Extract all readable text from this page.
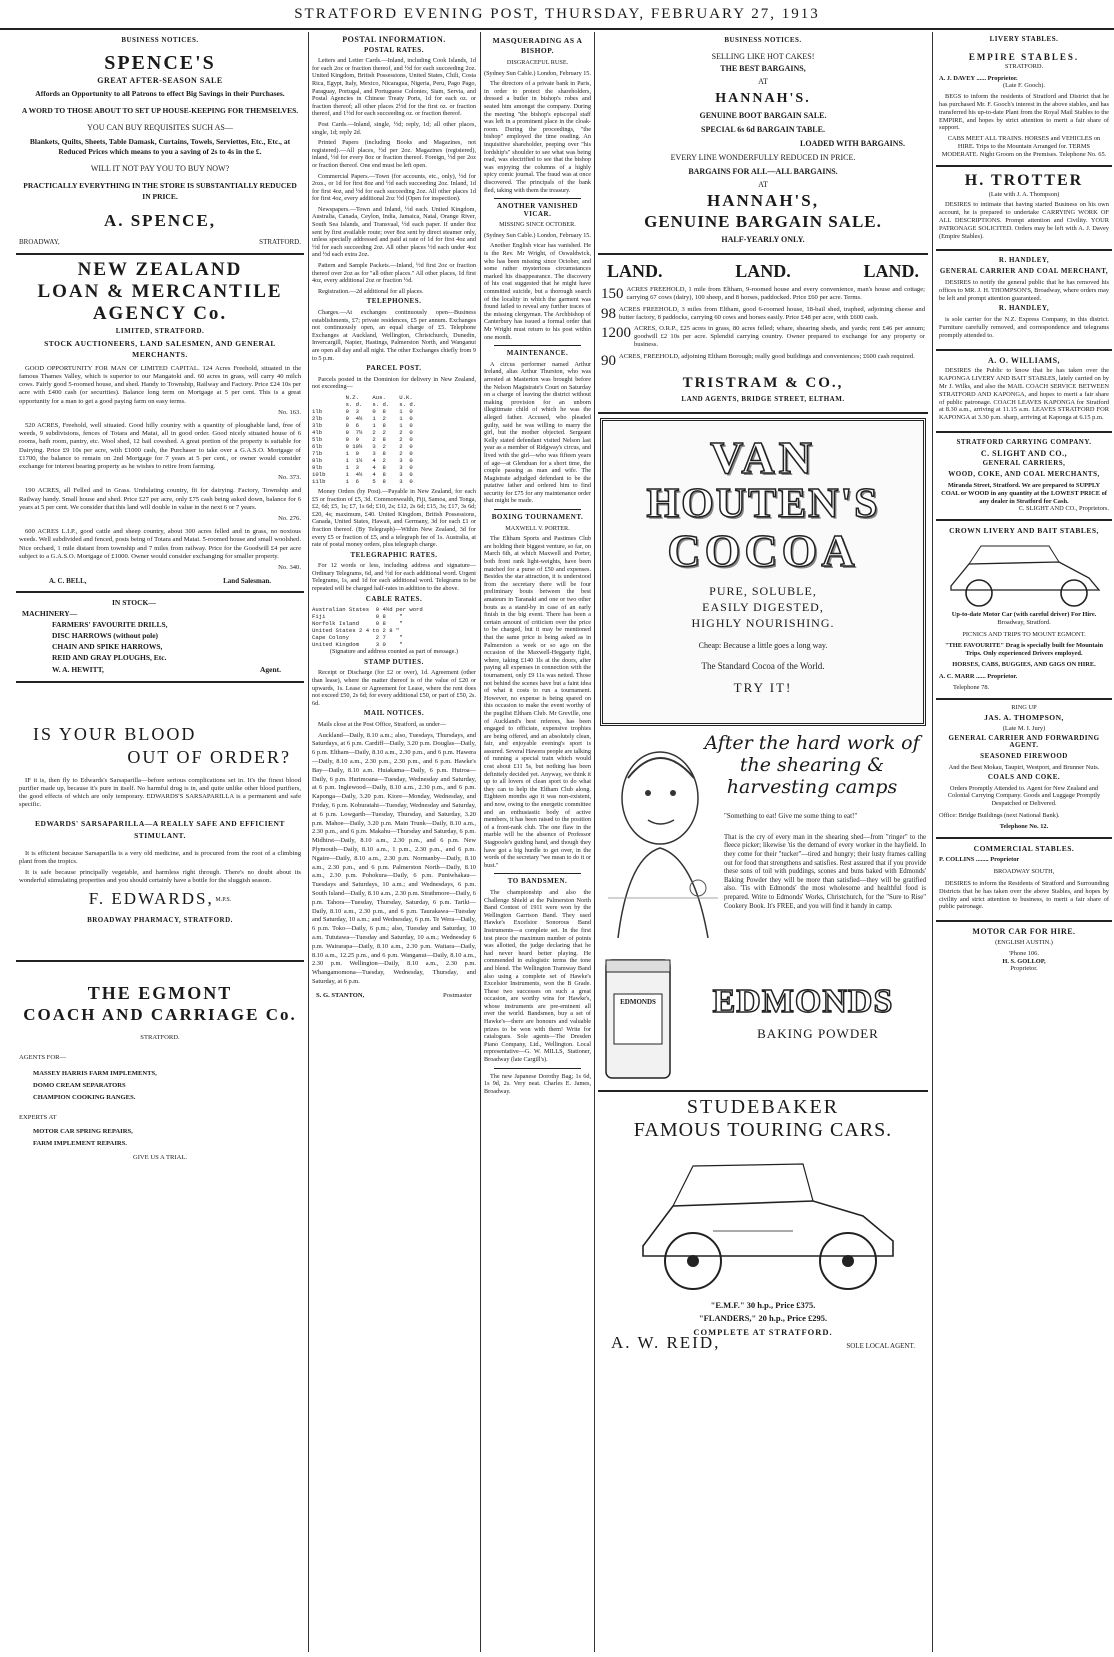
STRATFORD EVENING POST, THURSDAY, FEBRUARY 27, 1913
BUSINESS NOTICES.
SPENCE'S
GREAT AFTER-SEASON SALE
Affords an Opportunity to all Patrons to effect Big Savings in their Purchases.
A WORD TO THOSE ABOUT TO SET UP HOUSE-KEEPING FOR THEMSELVES.
YOU CAN BUY REQUISITES SUCH AS—
Blankets, Quilts, Sheets, Table Damask, Curtains, Towels, Serviettes, Etc., Etc., at Reduced Prices which means to you a saving of 2s to 4s in the £.
WILL IT NOT PAY YOU TO BUY NOW?
PRACTICALLY EVERYTHING IN THE STORE IS SUBSTANTIALLY REDUCED IN PRICE.
A. SPENCE,
BROADWAY,	STRATFORD.
NEW ZEALAND
LOAN & MERCANTILE
AGENCY Co.
LIMITED, STRATFORD.
STOCK AUCTIONEERS, LAND SALESMEN, AND GENERAL MERCHANTS.
GOOD OPPORTUNITY FOR MAN OF LIMITED CAPITAL. 124 Acres Freehold, situated in the famous Thames Valley, which is superior to our Mangatoki and. 60 acres in grass, will carry 40 milch cows. Fairly good 5-roomed house, and shed. Handy to Township, Railway and Factory. Price £24 10s per acre with £400 cash (or securities). Balance long term on Mortgage at 5 per cent. This is a great opportunity for a man to get a good paying farm on easy terms.
No. 163.
520 ACRES, Freehold, well situated. Good hilly country with a quantity of ploughable land, free of weeds, 9 subdivisions, fences of Totara and Matai, all in good order. Good nicely situated house of 6 rooms, bath room, pantry, etc. Wool shed, 12 bail cowshed. A great portion of the property is suitable for Dairying. Price £9 10s per acre, with £1000 cash, the Purchaser to take over a G.A.S.O. Mortgage of £1700, the balance to remain on 2nd Mortgage for 7 years at 5 per cent., or owner would consider exchange for interest bearing property as he wishes to retire from farming.
No. 373.
190 ACRES, all Felled and in Grass. Undulating country, fit for dairying. Factory, Township and Railway handy. Small house and shed. Price £27 per acre, only £75 cash being asked down, balance for 6 years at 5 per cent. We consider that this land will double in value in the next 6 or 7 years.
No. 276.
600 ACRES L.I.P., good cattle and sheep country, about 300 acres felled and in grass, no noxious weeds. Well subdivided and fenced, posts being of Totara and Matai. 5-roomed house and small woolshed. Nice orchard, 1 mile distant from township and 7 miles from railway. Price for the Goodwill £4 per acre subject to a G.A.S.O. Mortgage of £1000. Owner would consider exchanging for smaller property.
No. 340.
A. C. BELL,	Land Salesman.
IN STOCK—
MACHINERY—
FARMERS' FAVOURITE DRILLS,
DISC HARROWS (without pole)
CHAIN AND SPIKE HARROWS,
REID AND GRAY PLOUGHS, Etc.
W. A. HEWITT,	Agent.
IS YOUR BLOOD
OUT OF ORDER?
IF it is, then fly to Edwards's Sarsaparilla—before serious complications set in. It's the finest blood purifier made up, because it's pure in itself. No harmful drug is in, and quite unlike other blood purifiers, the good effects of which are only temporary. EDWARDS'S SARSAPARILLA is a permanent and safe specific.
EDWARDS' SARSAPARILLA—A REALLY SAFE AND EFFICIENT STIMULANT.
It is efficient because Sarsaparilla is a very old medicine, and is procured from the root of a climbing plant from the tropics.
It is safe because principally vegetable, and harmless right through. There's no doubt about its wonderful stimulating properties and you should certainly have a bottle for the sluggish season.
F. EDWARDS, $^{M.P.S.}$
BROADWAY PHARMACY, STRATFORD.
THE EGMONT
COACH AND CARRIAGE Co.
STRATFORD.
AGENTS FOR—
MASSEY HARRIS FARM IMPLEMENTS,
DOMO CREAM SEPARATORS
CHAMPION COOKING RANGES.
EXPERTS AT
MOTOR CAR SPRING REPAIRS,
FARM IMPLEMENT REPAIRS.
GIVE US A TRIAL.
POSTAL INFORMATION.
POSTAL RATES.
Letters and Letter Cards.—Inland, including Cook Islands, 1d for each 2oz or fraction thereof, and ½d for each succeeding 2oz. United Kingdom, British Possessions, United States, Chili, Costa Rica, Egypt, Italy, Mexico, Nicaragua, Nigeria, Peru, Pago Pago, Paraguay, Portugal, and Portuguese Colonies, Siam, Servia, and Postal Agencies in Chinese Treaty Ports, 1d for each oz. or fraction thereof; all other places 2½d for the first oz. or fraction thereof, and 1½d for each succeeding oz. or fraction thereof.
Post Cards.—Inland, single, ½d; reply, 1d; all other places, single, 1d; reply 2d.
Printed Papers (including Books and Magazines, not registered).—All places, ½d per 2oz. Magazines (registered), inland, ½d for every 8oz or fraction thereof. Foreign, ½d per 2oz or fraction thereof. One end must be left open.
Commercial Papers.—Town (for accounts, etc., only), ½d for 2ozs., or 1d for first 8oz and ½d each succeeding 2oz. Inland, 1d for first 4oz, and ½d for each succeeding 2oz. All other places 1d for first 4oz, every additional 2oz ½d (Open for inspection).
Newspapers.—Town and Inland, ½d each. United Kingdom, Australia, Canada, Ceylon, India, Jamaica, Natal, Orange River, South Sea Islands, and Transvaal, ½d each paper. If under 8oz sent by first available route; over 8oz sent by direct steamer only, unless specially addressed and paid at rate of 1d for first 4oz and ½d for each succeeding 2oz. All other places ½d each under 4oz and ½d each extra 2oz.
Pattern and Sample Packets.—Inland, ½d first 2oz or fraction thereof over 2oz as for "all other places." All other places, 1d first 4oz, every additional 2oz or fraction ½d.
Registration.—2d additional for all places.
TELEPHONES.
Charges.—At exchanges continuously open—Business establishments, £7; private residences, £5 per annum. Exchanges not continuously open, an equal charge of £5. Telephone Exchanges at Auckland, Wellington, Christchurch, Dunedin, Invercargill, Napier, Hastings, Palmerston North, and Wanganui are open all day and all night. The other Exchanges chiefly from 9 to 5 p.m.
PARCEL POST.
Parcels posted in the Dominion for delivery in New Zealand, not exceeding—
N.Z.    Aus.    U.K.
s. d.   s. d.   s. d.
1lb       0  3    0  8    1  0
2lb       0  4½   1  2    1  0
3lb       0  6    1  8    1  0
4lb       0  7½   2  2    2  0
5lb       0  9    2  8    2  0
6lb       0 10½   3  2    2  0
7lb       1  0    3  8    2  0
8lb       1  1½   4  2    3  0
9lb       1  3    4  8    3  0
10lb      1  4½   4  8    3  0
11lb      1  6    5  8    3  0
Money Orders (by Post).—Payable in New Zealand, for each £5 or fraction of £5, 3d. Commonwealth, Fiji, Samoa, and Tonga, £2, 6d; £5, 1s; £7, 1s 6d; £10, 2s; £12, 2s 6d; £15, 3s; £17, 3s 6d; £20, 4s; maximum, £40. United Kingdom, British Possessions, Canada, United States, Hawaii, and Germany, 3d for each £1 or fraction thereof. (By Telegraph)—Within New Zealand, 3d for every £5 or fraction of £5, and a telegraph fee of 1s. Australia, at rate of postal money orders, plus telegraph charge.
TELEGRAPHIC RATES.
For 12 words or less, including address and signature— Ordinary Telegrams, 6d, and ½d for each additional word. Urgent Telegrams, 1s, and 1d for each additional word. Telegrams to be repeated will be charged half-rates in addition to the above.
CABLE RATES.
Australian States  0 4½d per word
Fiji               0 8    "
Norfolk Island     0 8    "
United States 2 4 to 2 8 "
Cape Colony        2 7    "
United Kingdom     3 0    "
(Signature and address counted as part of message.)
STAMP DUTIES.
Receipt or Discharge (for £2 or over), 1d. Agreement (other than lease), where the matter thereof is of the value of £20 or upwards, 1s. Lease or Agreement for Lease, where the rent does not exceed £50, 2s 6d; for every additional £50, or part of £50, 2s. 6d.
MAIL NOTICES.
Mails close at the Post Office, Stratford, as under—
Auckland—Daily, 8.10 a.m.; also, Tuesdays, Thursdays, and Saturdays, at 6 p.m. Cardiff—Daily, 3.20 p.m. Douglas—Daily, 6 p.m. Eltham—Daily, 8.10 a.m., 2.30 p.m., and 6 p.m. Hawera—Daily, 8.10 a.m., 2.30 p.m., 2.30 p.m., and 6 p.m. Hawke's Bay—Daily, 8.10 a.m. Huiakama—Daily, 6 p.m. Huiroa—Daily, 6 p.m. Hurimoana—Tuesday, Wednesday and Saturday, at 6 p.m. Inglewood—Daily, 8.10 a.m., 2.30 p.m., and 6 p.m. Kaponga—Daily, 3.20 p.m. Kiore—Monday, Wednesday, and Friday, 6 p.m. Koburatahi—Tuesday, Wednesday and Saturday, at 6 p.m. Lowgarth—Tuesday, Thursday, and Saturday, 3.20 p.m. Mahoe—Daily, 3.20 p.m. Main Trunk—Daily, 8.10 a.m., 2.30 p.m., and 6 p.m. Makahu—Thursday and Saturday, 6 p.m. Midhirst—Daily, 8.10 a.m., 2.30 p.m., and 6 p.m. New Plymouth—Daily, 8.10 a.m., 1 p.m., 2.30 p.m., and 6 p.m. Ngaire—Daily, 8.10 a.m., 2.30 p.m. Normanby—Daily, 8.10 a.m., 2.30 p.m., and 6 p.m. Palmerston North—Daily, 8.10 a.m., 2.30 p.m. Pohokura—Daily, 6 p.m. Puniwhakau—Tuesdays and Saturdays, 10 a.m.; and Wednesdays, 6 p.m. South Island—Daily, 8.10 a.m., 2.30 p.m. Strathmore—Daily, 6 p.m. Tahora—Tuesday, Thursday, Saturday, 6 p.m. Tariki—Daily, 8.10 a.m., 2.30 p.m., and 6 p.m. Taurakawa—Tuesday and Saturday, 10 a.m.; and Wednesday, 6 p.m. Te Wera—Daily, 6 p.m. Toko—Daily, 6 p.m.; also, Tuesday and Saturday, 10 a.m. Tututawa—Tuesday and Saturday, 10 a.m.; Wednesday 6 p.m. Wairarapa—Daily, 8.10 a.m., 2.30 p.m. Waitara—Daily, 8.10 a.m., 12.25 p.m., and 6 p.m. Wanganui—Daily, 8.10 a.m., 2.30 p.m. Wellington—Daily, 8.10 a.m., 2.30 p.m. Whangamomona—Tuesday, Wednesday, Thursday, and Saturday, at 6 p.m.
S. G. STANTON,	Postmaster
MASQUERADING AS A BISHOP.
DISGRACEFUL RUSE.
(Sydney Sun Cable.) London, February 15.
The directors of a private bank in Paris, in order to protect the shareholders, dressed a butler in bishop's robes and seated him amongst the company. During the meeting "the bishop's episcopal staff was left in a prominent place in the cloak-room. During the proceedings, "the bishop" employed the time reading. An inquisitive shareholder, peeping over "his lordship's" shoulder to see what was being read, was electrified to see that the bishop was enjoying the columns of a highly spicy comic journal. The fraud was at once discovered. The principals of the bank fled, taking with them the treasury.
ANOTHER VANISHED VICAR.
MISSING SINCE OCTOBER.
(Sydney Sun Cable.) London, February 15.
Another English vicar has vanished. He is the Rev. Mr Wright, of Oswaldwick, who has been missing since October, and some rather mysterious circumstances marked his disappearance. The discovery of his coat suggested that he might have committed suicide, but a thorough search of the locality in which the garment was found failed to reveal any further traces of the missing clergyman. The Archbishop of Canterbury has issued a formal order that Mr Wright must return to his post within one month.
MAINTENANCE.
A circus performer named Arthur Ireland, alias Arthur Thurston, who was arrested at Masterton was brought before the Nelson Magistrate's Court on Saturday on a charge of leaving the district without making provision for an unborn illegitimate child of which he was the alleged father. Accused, who pleaded guilty, said he was willing to marry the girl, but the mother objected. Sergeant Kelly stated defendant visited Nelson last year as a member of Ridgway's circus, and lived with the girl—who was fifteen years of age—at Glenduan for a short time, the couple passing as man and wife. The Magistrate adjudged defendant to be the putative father and ordered him to find security for £75 for any maintenance order that might be made.
BOXING TOURNAMENT.
MAXWELL V. PORTER.
The Eltham Sports and Pastimes Club are holding their biggest venture, so far, on March 6th, at which Maxwell and Porter, both front rank light-weights, have been matched for a purse of £50 and expenses. Besides the star attraction, it is understood from the secretary there will be four preliminary bouts between the best amateurs in Taranaki and one or two other bouts as a stand-by in case of an early finish in the big event. There has been a certain amount of criticism over the price to be charged, but it may be mentioned that the same price is being asked as in Palmerston a week or so ago on the occasion of the Maxwell-Heggarty fight, where, taking £140 1ls at the doors, after paying all expenses in connection with the tournament, only £9 11s was netted. Those not behind the scenes have but a faint idea of what it costs to run a tournament. However, no expense is being spared on this occasion to make the event worthy of the pugilist Eltham Club. Mr Greville, one of Auckland's best referees, has been engaged to officiate, expensive trophies are being offered, and an absolutely clean, fair, and enjoyable evening's sport is assured. Several Hawera people are talking of running a special train which would cost about £11 5s, but nothing has been definitely decided yet. Anyway, we think it up to all lovers of clean sport to do what they can to help the Eltham Club along. Eighteen months ago it was non-existent, and now, owing to the energetic committee and an enthusiastic body of active members, it has been raised to the position of a front-rank club. The one flaw in the marble will be the absence of Professor Stagpoole's guiding hand, and though they have got a big hurdle to get over, in the words of the secretary "we mean to do it or bust."
TO BANDSMEN.
The championship and also the Challenge Shield at the Palmerston North Band Contest of 1911 were won by the Wellington Garrison Band. They used Hawke's Excelsior Sonorous Band Instruments—a complete set. In the first test piece the maximum number of points was allotted, the judge declaring that he had never heard better playing. He commended in eulogistic terms the tone and blend. The Wellington Tramway Band also using a complete set of Hawke's Excelsior Instruments, won the B Grade. These two successes on such a great occasion, are worthy wins for Hawke's, whose instruments are pre-eminent all over the world. Bandsmen, buy a set of Hawke's—there are honours and valuable prizes to be won with them! Write for catalogues. Sole agents—The Dresden Piano Company, Ltd., Wellington. Local representative—G. W. MILLS, Stationer, Broadway (late Cargill's).
The new Japanese Dorothy Bag; 1s 6d, 1s 9d, 2s. Very neat. Charles E. James, Broadway.
BUSINESS NOTICES.
SELLING LIKE HOT CAKES!
THE BEST BARGAINS,
AT
HANNAH'S.
GENUINE BOOT BARGAIN SALE.
SPECIAL 6s 6d BARGAIN TABLE.
LOADED WITH BARGAINS.
EVERY LINE WONDERFULLY REDUCED IN PRICE.
BARGAINS FOR ALL—ALL BARGAINS.
AT
HANNAH'S,
GENUINE BARGAIN SALE.
HALF-YEARLY ONLY.
LAND.	LAND.	LAND.
150 ACRES FREEHOLD, 1 mile from Eltham, 9-roomed house and every convenience, man's house and cottage; carrying 67 cows (dairy), 100 sheep, and 8 horses, paddocked. Price £60 per acre. Terms.
98 ACRES FREEHOLD, 3 miles from Eltham, good 6-roomed house, 18-bail shed, traphed, adjoining cheese and butter factory, 8 paddocks, carrying 60 cows and horses easily. Price £48 per acre, with £600 cash.
1200 ACRES, O.R.P., £25 acres in grass, 80 acres felled; whare, shearing sheds, and yards; rent £46 per annum; goodwill £2 10s per acre. Splendid carrying country. Owner prepared to exchange for any property or business.
90 ACRES, FREEHOLD, adjoining Eltham Borough; really good buildings and conveniences; £600 cash required.
TRISTRAM & CO.,
LAND AGENTS, BRIDGE STREET, ELTHAM.
VAN
HOUTEN'S
COCOA
PURE, SOLUBLE,
EASILY DIGESTED,
HIGHLY NOURISHING.
Cheap: Because a little goes a long way.
The Standard Cocoa of the World.
TRY IT!
After the hard work of the shearing & harvesting camps
"Something to eat! Give me some thing to eat!"
That is the cry of every man in the shearing shed—from "ringer" to the fleece picker; likewise 'tis the demand of every worker in the hayfield. In they come for their "tucker"—tired and hungry; their lusty frames calling out for food that strengthens and satisfies. Rest assured that if you provide these sons of toil with puddings, scones and buns baked with Edmonds' Baking Powder they will be more than satisfied—they will be gratified also. 'Tis with Edmonds' the most wholesome and healthful food is prepared. Write to Edmonds' Works, Christchurch, for the "Sure to Rise" Cookery Book. It's FREE, and you will find it handy in camp.
EDMONDS	EDMONDS
BAKING POWDER
STUDEBAKER
FAMOUS TOURING CARS.
"E.M.F." 30 h.p., Price £375.
"FLANDERS," 20 h.p., Price £295.
COMPLETE AT STRATFORD.
A. W. REID,	SOLE LOCAL AGENT.
LIVERY STABLES.
EMPIRE STABLES.
STRATFORD.
A. J. DAVEY ...... Proprietor.
(Late F. Gooch).
BEGS to inform the residents of Stratford and District that he has purchased Mr. F. Gooch's interest in the above stables, and has transferred his up-to-date Plant from the Royal Mail Stables to the EMPIRE, and hopes by strict attention to merit a fair share of support.
CABS MEET ALL TRAINS. HORSES and VEHICLES on HIRE. Trips to the Mountain Arranged for. TERMS MODERATE. Night Groom on the Premises. Telephone No. 65.
H. TROTTER
(Late with J. A. Thompson)
DESIRES to intimate that having started Business on his own account, he is prepared to undertake CARRYING WORK OF ALL DESCRIPTIONS. Prompt attention and Civility. YOUR PATRONAGE SOLICITED. Orders may be left with A. J. Davey (Empire Stables).
R. HANDLEY,
GENERAL CARRIER AND COAL MERCHANT,
DESIRES to notify the general public that he has removed his offices to MR. J. H. THOMPSON'S, Broadway, where orders may be left and prompt attention guaranteed.
R. HANDLEY,
is sole carrier for the N.Z. Express Company, in this district. Furniture carefully removed, and correspondence and telegrams promptly attended to.
A. O. WILLIAMS,
DESIRES the Public to know that he has taken over the KAPONGA LIVERY AND BAIT STABLES, lately carried on by Mr J. Wilks, and also the MAIL COACH SERVICE BETWEEN STRATFORD AND KAPONGA, and hopes to merit a fair share of public patronage. COACH LEAVES KAPONGA for Stratford at 8.30 a.m., arriving at 11.15 a.m. LEAVES STRATFORD FOR KAPONGA at 3.30 p.m. sharp, arriving at Kaponga at 6.15 p.m.
STRATFORD CARRYING COMPANY.
C. SLIGHT AND CO.,
GENERAL CARRIERS,
WOOD, COKE, AND COAL MERCHANTS,
Miranda Street, Stratford. We are prepared to SUPPLY COAL or WOOD in any quantity at the LOWEST PRICE of any dealer in Stratford for Cash.
C. SLIGHT AND CO., Proprietors.
CROWN LIVERY AND BAIT STABLES,
Up-to-date Motor Car (with careful driver) For Hire.
Broadway, Stratford.
PICNICS AND TRIPS TO MOUNT EGMONT.
"THE FAVOURITE" Drag is specially built for Mountain Trips. Only experienced Drivers employed.
HORSES, CABS, BUGGIES, AND GIGS ON HIRE.
A. C. MARR ...... Proprietor.
Telephone 78.
RING UP
JAS. A. THOMPSON,
(Late M. I. Jury)
GENERAL CARRIER AND FORWARDING AGENT.
SEASONED FIREWOOD
And the Best Mokau, Taupiri, Westport, and Brunner Nuts.
COALS AND COKE.
Orders Promptly Attended to. Agent for New Zealand and Colonial Carrying Company. Goods and Luggage Promptly Despatched or Delivered.
Office: Bridge Buildings (next National Bank).
Telephone No. 12.
COMMERCIAL STABLES.
P. COLLINS ........ Proprietor
BROADWAY SOUTH,
DESIRES to inform the Residents of Stratford and Surrounding Districts that he has taken over the above Stables, and hopes by civility and strict attention to business, to merit a fair share of public patronage.
MOTOR CAR FOR HIRE.
(ENGLISH AUSTIN.)
'Phone 106.
H. S. GOLLOP,
Proprietor.
